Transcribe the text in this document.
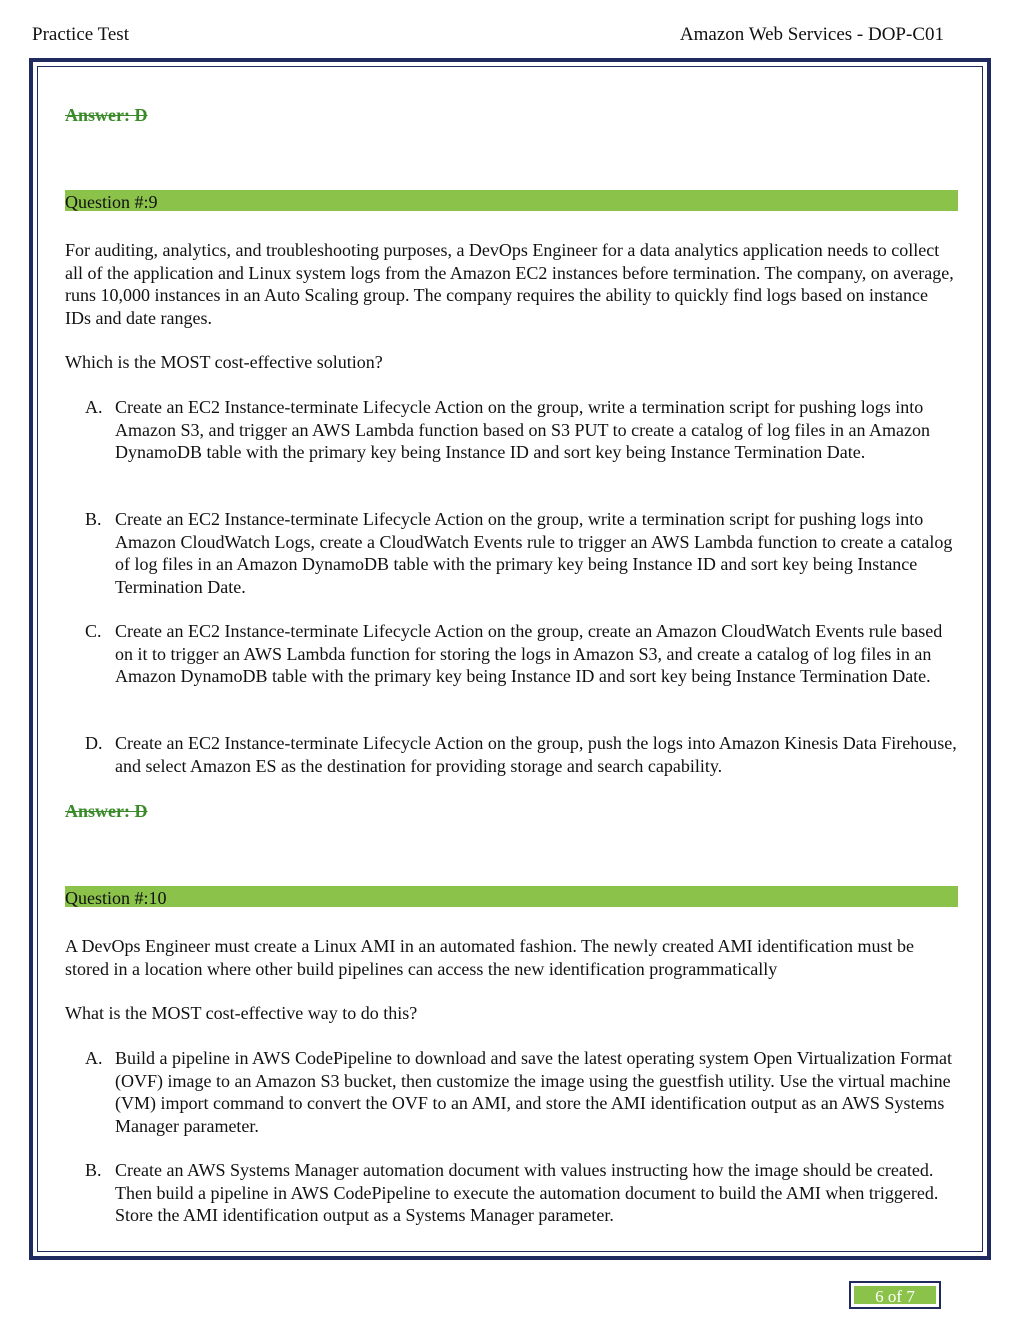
Practice Test	Amazon Web Services - DOP-C01
Answer: D
Question #:9

For auditing, analytics, and troubleshooting purposes, a DevOps Engineer for a data analytics application needs to collect all of the application and Linux system logs from the Amazon EC2 instances before termination. The company, on average, runs 10,000 instances in an Auto Scaling group. The company requires the ability to quickly find logs based on instance IDs and date ranges.

Which is the MOST cost-effective solution?

A. Create an EC2 Instance-terminate Lifecycle Action on the group, write a termination script for pushing logs into Amazon S3, and trigger an AWS Lambda function based on S3 PUT to create a catalog of log files in an Amazon DynamoDB table with the primary key being Instance ID and sort key being Instance Termination Date.
B. Create an EC2 Instance-terminate Lifecycle Action on the group, write a termination script for pushing logs into Amazon CloudWatch Logs, create a CloudWatch Events rule to trigger an AWS Lambda function to create a catalog of log files in an Amazon DynamoDB table with the primary key being Instance ID and sort key being Instance Termination Date.
C. Create an EC2 Instance-terminate Lifecycle Action on the group, create an Amazon CloudWatch Events rule based on it to trigger an AWS Lambda function for storing the logs in Amazon S3, and create a catalog of log files in an Amazon DynamoDB table with the primary key being Instance ID and sort key being Instance Termination Date.
D. Create an EC2 Instance-terminate Lifecycle Action on the group, push the logs into Amazon Kinesis Data Firehouse, and select Amazon ES as the destination for providing storage and search capability.
Answer: D
Question #:10

A DevOps Engineer must create a Linux AMI in an automated fashion. The newly created AMI identification must be stored in a location where other build pipelines can access the new identification programmatically

What is the MOST cost-effective way to do this?

A. Build a pipeline in AWS CodePipeline to download and save the latest operating system Open Virtualization Format (OVF) image to an Amazon S3 bucket, then customize the image using the guestfish utility. Use the virtual machine (VM) import command to convert the OVF to an AMI, and store the AMI identification output as an AWS Systems Manager parameter.
B. Create an AWS Systems Manager automation document with values instructing how the image should be created. Then build a pipeline in AWS CodePipeline to execute the automation document to build the AMI when triggered. Store the AMI identification output as a Systems Manager parameter.
6 of 7
